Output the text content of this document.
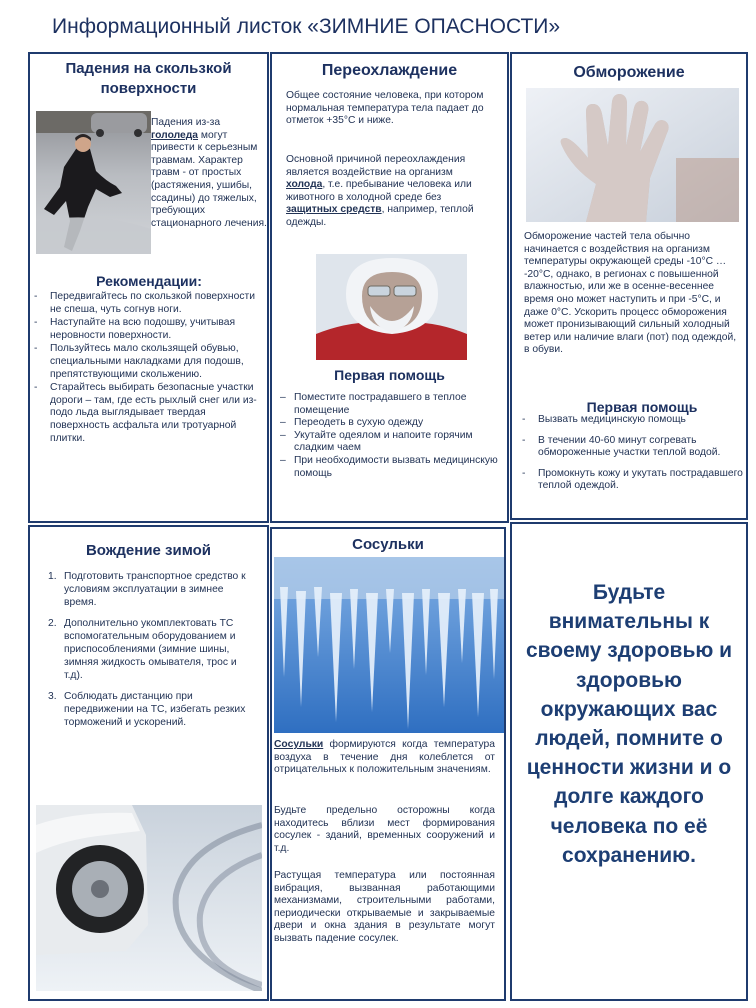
Информационный листок «ЗИМНИЕ ОПАСНОСТИ»
Падения на скользкой поверхности
Падения из-за гололеда могут привести к серьезным травмам. Характер травм - от простых (растяжения, ушибы, ссадины) до тяжелых, требующих стационарного лечения.
Рекомендации:
- Передвигайтесь по скользкой поверхности не спеша, чуть согнув ноги.
- Наступайте на всю подошву, учитывая неровности поверхности.
- Пользуйтесь мало скользящей обувью, специальными накладками для подошв, препятствующими скольжению.
- Старайтесь выбирать безопасные участки дороги – там, где есть рыхлый снег или из-подо льда выглядывает твердая поверхность асфальта или тротуарной плитки.
Переохлаждение
Общее состояние человека, при котором нормальная температура тела падает до отметок +35°С и ниже.
Основной причиной переохлаждения является воздействие на организм холода, т.е. пребывание человека или животного в холодной среде без защитных средств, например, теплой одежды.
Первая помощь
– Поместите пострадавшего в теплое помещение
– Переодеть в сухую одежду
– Укутайте одеялом и напоите горячим сладким чаем
– При необходимости вызвать медицинскую помощь
Обморожение
Обморожение частей тела обычно начинается с воздействия на организм температуры окружающей среды -10°С … -20°С, однако, в регионах с повышенной влажностью, или же в осенне-весеннее время оно может наступить и при -5°С, и даже 0°С. Ускорить процесс обморожения может пронизывающий сильный холодный ветер или наличие влаги (пот) под одеждой, в обуви.
Первая помощь
- Вызвать медицинскую помощь
- В течении 40-60 минут согревать обмороженные участки теплой водой.
- Промокнуть кожу и укутать пострадавшего теплой одеждой.
Вождение зимой
1. Подготовить транспортное средство к условиям эксплуатации в зимнее время.
2. Дополнительно укомплектовать ТС вспомогательным оборудованием и приспособлениями (зимние шины, зимняя жидкость омывателя, трос и т.д).
3. Соблюдать дистанцию при передвижении на ТС, избегать резких торможений и ускорений.
Сосульки
Сосульки формируются когда температура воздуха в течение дня колеблется от отрицательных к положительным значениям.
Будьте предельно осторожны когда находитесь вблизи мест формирования сосулек - зданий, временных сооружений и т.д.
Растущая температура или постоянная вибрация, вызванная работающими механизмами, строительными работами, периодически открываемые и закрываемые двери и окна здания в результате могут вызвать падение сосулек.
Будьте внимательны к своему здоровью и здоровью окружающих вас людей, помните о ценности жизни и о долге каждого человека по её сохранению.
